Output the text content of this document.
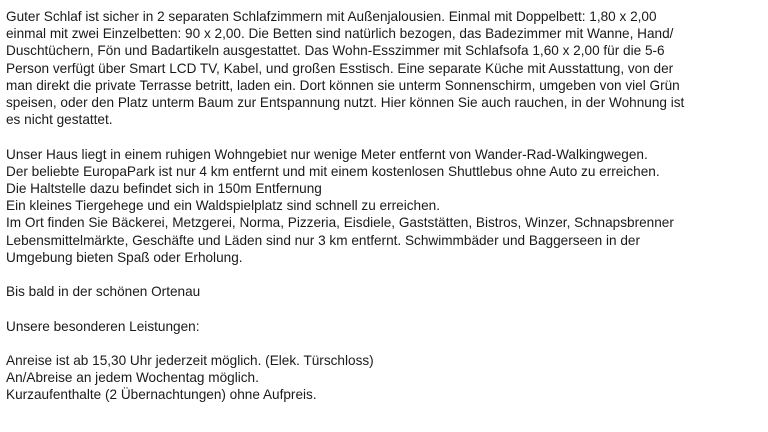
Guter Schlaf ist sicher in 2 separaten Schlafzimmern mit Außenjalousien. Einmal mit Doppelbett: 1,80 x 2,00
einmal mit zwei Einzelbetten: 90 x 2,00. Die Betten sind natürlich bezogen, das Badezimmer mit Wanne, Hand/
Duschtüchern, Fön und Badartikeln ausgestattet. Das Wohn-Esszimmer mit Schlafsofa 1,60 x 2,00 für die 5-6
Person verfügt über Smart LCD TV, Kabel, und großen Esstisch. Eine separate Küche mit Ausstattung, von der
man direkt die private Terrasse betritt, laden ein. Dort können sie unterm Sonnenschirm, umgeben von viel Grün
speisen, oder den Platz unterm Baum zur Entspannung nutzt. Hier können Sie auch rauchen, in der Wohnung ist
es nicht gestattet.

Unser Haus liegt in einem ruhigen Wohngebiet nur wenige Meter entfernt von Wander-Rad-Walkingwegen.
Der beliebte EuropaPark ist nur 4 km entfernt und mit einem kostenlosen Shuttlebus ohne Auto zu erreichen.
Die Haltstelle dazu befindet sich in 150m Entfernung
Ein kleines Tiergehege und ein Waldspielplatz sind schnell zu erreichen.
Im Ort finden Sie Bäckerei, Metzgerei, Norma, Pizzeria, Eisdiele, Gaststätten, Bistros, Winzer, Schnapsbrenner
Lebensmittelmärkte, Geschäfte und Läden sind nur 3 km entfernt. Schwimmbäder und Baggerseen in der
Umgebung bieten Spaß oder Erholung.

Bis bald in der schönen Ortenau

Unsere besonderen Leistungen:

Anreise ist ab 15,30 Uhr jederzeit möglich. (Elek. Türschloss)
An/Abreise an jedem Wochentag möglich.
Kurzaufenthalte (2 Übernachtungen) ohne Aufpreis.
